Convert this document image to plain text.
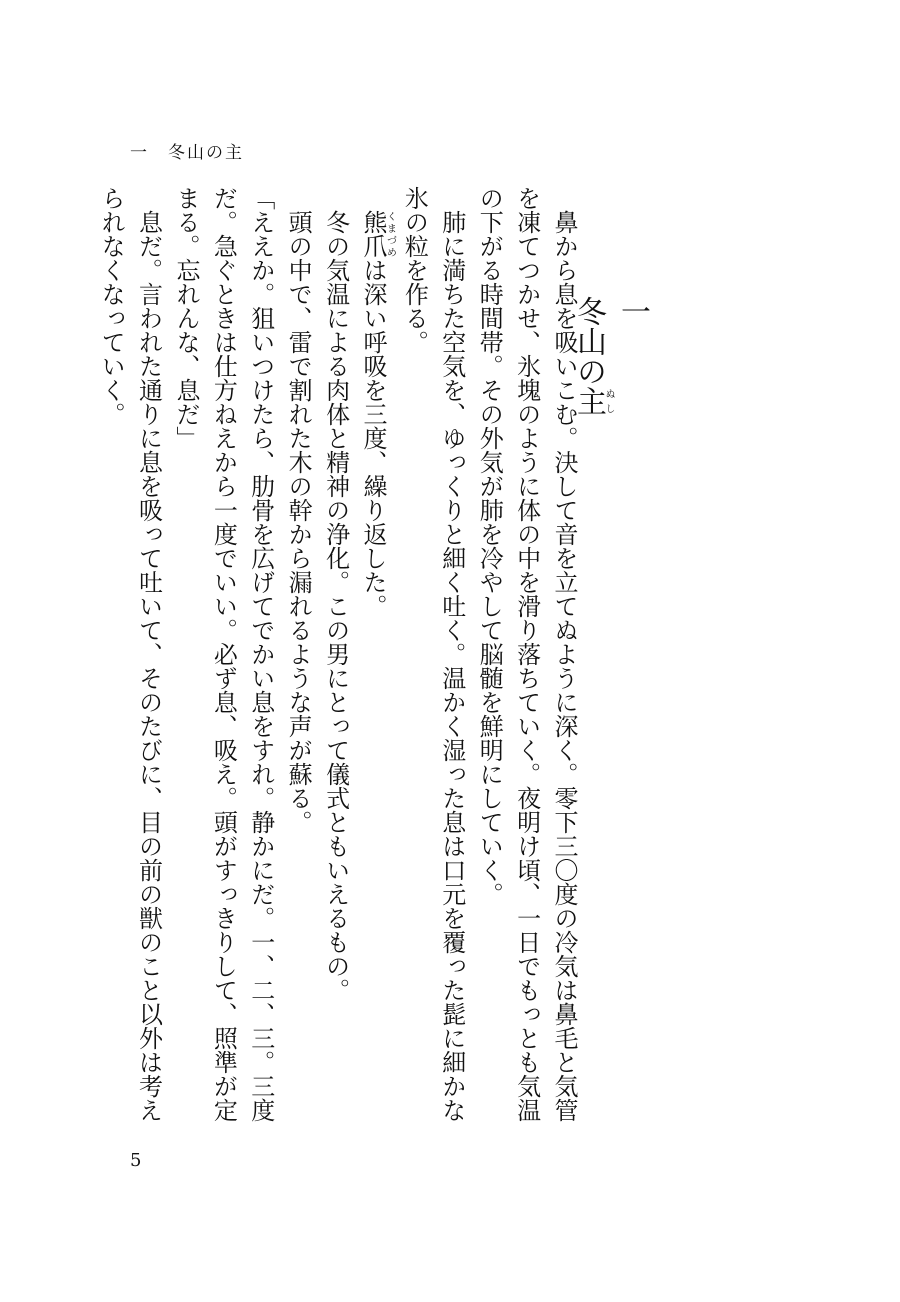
一　冬山の主
一
冬山の主ぬし

鼻から息を吸いこむ。決して音を立てぬように深く。零下三〇度の冷気は鼻毛と気管を凍てつかせ、氷塊のように体の中を滑り落ちていく。夜明け頃、一日でもっとも気温の下がる時間帯。その外気が肺を冷やして脳髄を鮮明にしていく。

肺に満ちた空気を、ゆっくりと細く吐く。温かく湿った息は口元を覆った髭に細かな氷の粒を作る。

熊爪くまづめは深い呼吸を三度、繰り返した。

冬の気温による肉体と精神の浄化。この男にとって儀式ともいえるもの。

頭の中で、雷で割れた木の幹から漏れるような声が蘇る。

「ええか。狙いつけたら、肋骨を広げてでかい息をすれ。静かにだ。一、二、三。三度だ。急ぐときは仕方ねえから一度でいい。必ず息、吸え。頭がすっきりして、照準が定まる。忘れんな、息だ」

息だ。言われた通りに息を吸って吐いて、そのたびに、目の前の獣のこと以外は考えられなくなっていく。

5
